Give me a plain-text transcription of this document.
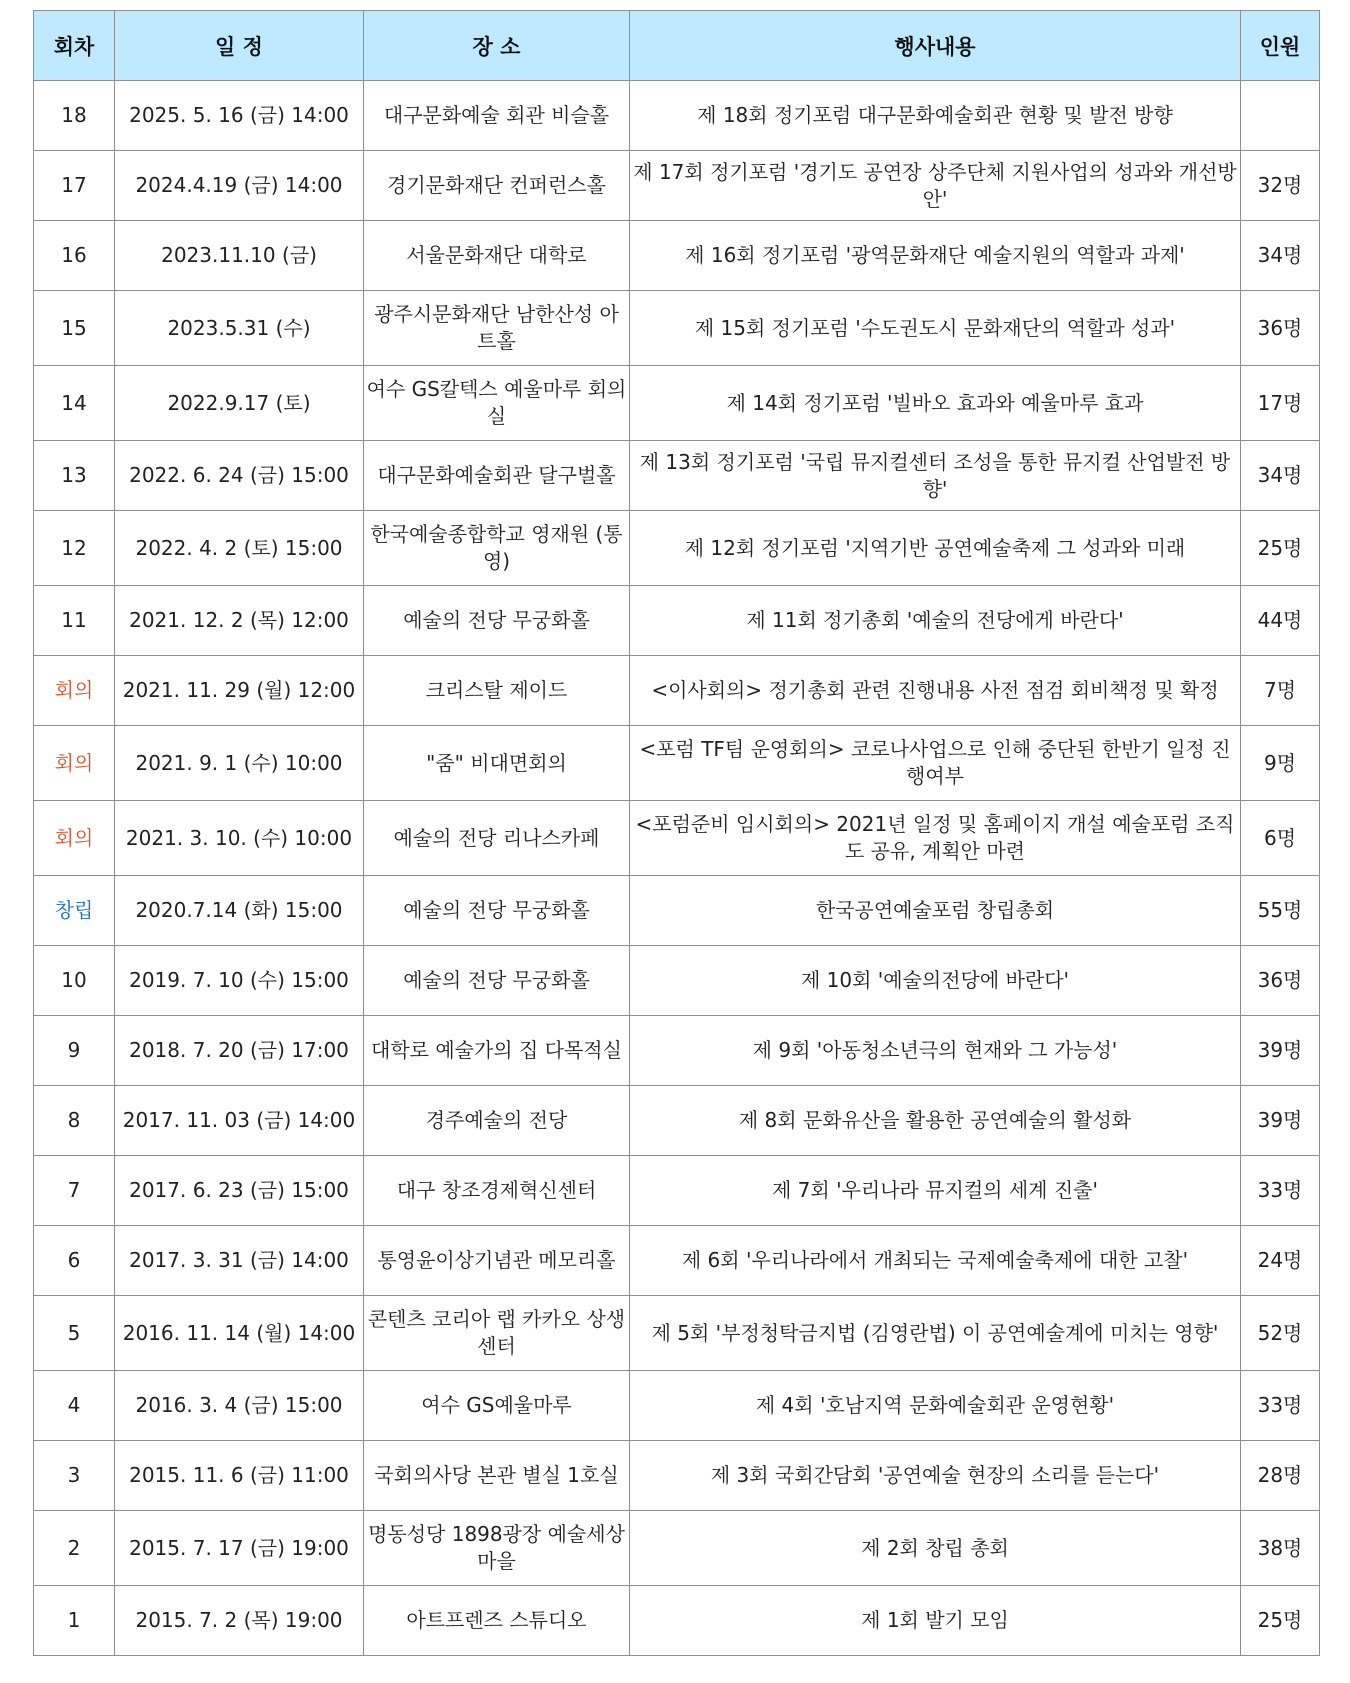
회차	일 정	장 소	행사내용	인원
18	2025. 5. 16 (금) 14:00	대구문화예술 회관 비슬홀	제 18회 정기포럼 대구문화예술회관 현황 및 발전 방향	
17	2024.4.19 (금) 14:00	경기문화재단 컨퍼런스홀	제 17회 정기포럼 '경기도 공연장 상주단체 지원사업의 성과와 개선방안'	32명
16	2023.11.10 (금)	서울문화재단 대학로	제 16회 정기포럼 '광역문화재단 예술지원의 역할과 과제'	34명
15	2023.5.31 (수)	광주시문화재단 남한산성 아트홀	제 15회 정기포럼 '수도권도시 문화재단의 역할과 성과'	36명
14	2022.9.17 (토)	여수 GS칼텍스 예울마루 회의실	제 14회 정기포럼 '빌바오 효과와 예울마루 효과	17명
13	2022. 6. 24 (금) 15:00	대구문화예술회관 달구벌홀	제 13회 정기포럼 '국립 뮤지컬센터 조성을 통한 뮤지컬 산업발전 방향'	34명
12	2022. 4. 2 (토) 15:00	한국예술종합학교 영재원 (통영)	제 12회 정기포럼 '지역기반 공연예술축제 그 성과와 미래	25명
11	2021. 12. 2 (목) 12:00	예술의 전당 무궁화홀	제 11회 정기총회 '예술의 전당에게 바란다'	44명
회의	2021. 11. 29 (월) 12:00	크리스탈 제이드	<이사회의> 정기총회 관련 진행내용 사전 점검 회비책정 및 확정	7명
회의	2021. 9. 1 (수) 10:00	"줌" 비대면회의	<포럼 TF팀 운영회의> 코로나사업으로 인해 중단된 한반기 일정 진행여부	9명
회의	2021. 3. 10. (수) 10:00	예술의 전당 리나스카페	<포럼준비 임시회의> 2021년 일정 및 홈페이지 개설 예술포럼 조직도 공유, 계획안 마련	6명
창립	2020.7.14 (화) 15:00	예술의 전당 무궁화홀	한국공연예술포럼 창립총회	55명
10	2019. 7. 10 (수) 15:00	예술의 전당 무궁화홀	제 10회 '예술의전당에 바란다'	36명
9	2018. 7. 20 (금) 17:00	대학로 예술가의 집 다목적실	제 9회 '아동청소년극의 현재와 그 가능성'	39명
8	2017. 11. 03 (금) 14:00	경주예술의 전당	제 8회 문화유산을 활용한 공연예술의 활성화	39명
7	2017. 6. 23 (금) 15:00	대구 창조경제혁신센터	제 7회 '우리나라 뮤지컬의 세계 진출'	33명
6	2017. 3. 31 (금) 14:00	통영윤이상기념관 메모리홀	제 6회 '우리나라에서 개최되는 국제예술축제에 대한 고찰'	24명
5	2016. 11. 14 (월) 14:00	콘텐츠 코리아 랩 카카오 상생센터	제 5회 '부정청탁금지법 (김영란법) 이 공연예술계에 미치는 영향'	52명
4	2016. 3. 4 (금) 15:00	여수 GS예울마루	제 4회 '호남지역 문화예술회관 운영현황'	33명
3	2015. 11. 6 (금) 11:00	국회의사당 본관 별실 1호실	제 3회 국회간담회 '공연예술 현장의 소리를 듣는다'	28명
2	2015. 7. 17 (금) 19:00	명동성당 1898광장 예술세상마을	제 2회 창립 총회	38명
1	2015. 7. 2 (목) 19:00	아트프렌즈 스튜디오	제 1회 발기 모임	25명
